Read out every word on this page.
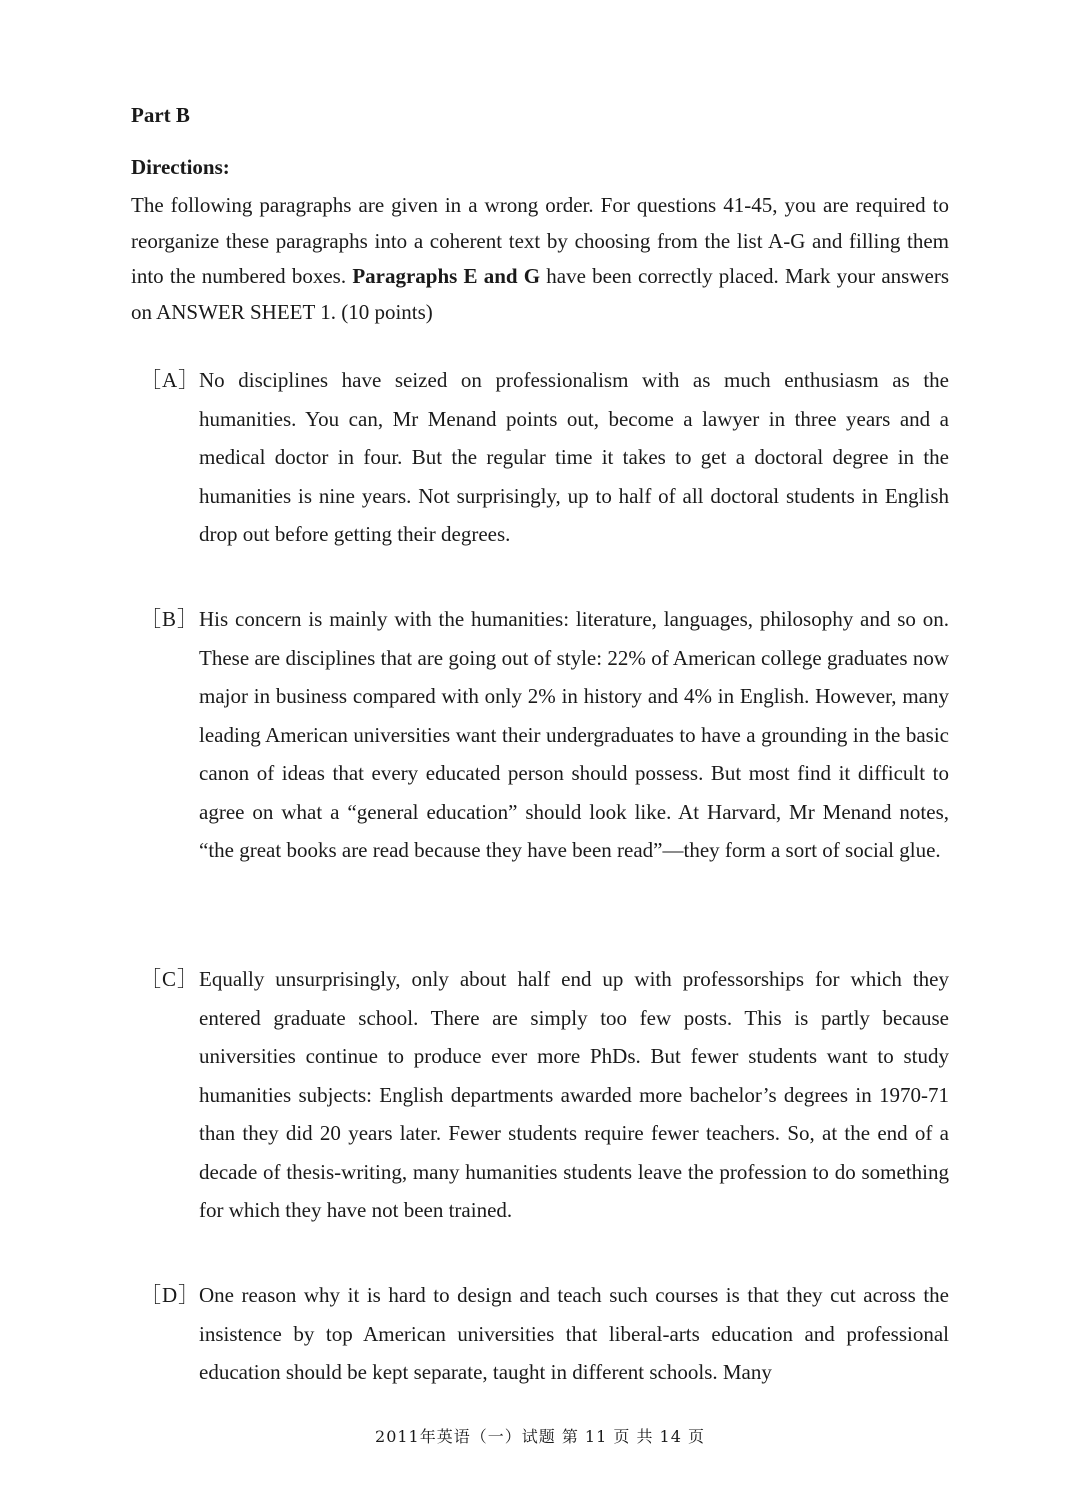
Part B
Directions:
The following paragraphs are given in a wrong order. For questions 41-45, you are required to reorganize these paragraphs into a coherent text by choosing from the list A-G and filling them into the numbered boxes. Paragraphs E and G have been correctly placed. Mark your answers on ANSWER SHEET 1. (10 points)
［A］
No disciplines have seized on professionalism with as much enthusiasm as the humanities. You can, Mr Menand points out, become a lawyer in three years and a medical doctor in four. But the regular time it takes to get a doctoral degree in the humanities is nine years. Not surprisingly, up to half of all doctoral students in English drop out before getting their degrees.
［B］ His concern is mainly with the humanities: literature, languages, philosophy and so on. These are disciplines that are going out of style: 22% of American college graduates now major in business compared with only 2% in history and 4% in English. However, many leading American universities want their undergraduates to have a grounding in the basic canon of ideas that every educated person should possess. But most find it difficult to agree on what a “general education” should look like. At Harvard, Mr Menand notes, “the great books are read because they have been read”—they form a sort of social glue.
［C］ Equally unsurprisingly, only about half end up with professorships for which they entered graduate school. There are simply too few posts. This is partly because universities continue to produce ever more PhDs. But fewer students want to study humanities subjects: English departments awarded more bachelor’s degrees in 1970-71 than they did 20 years later. Fewer students require fewer teachers. So, at the end of a decade of thesis-writing, many humanities students leave the profession to do something for which they have not been trained.
［D］
One reason why it is hard to design and teach such courses is that they cut across the insistence by top American universities that liberal-arts education and professional education should be kept separate, taught in different schools. Many
2011年英语（一）试题 第 11 页 共 14 页
